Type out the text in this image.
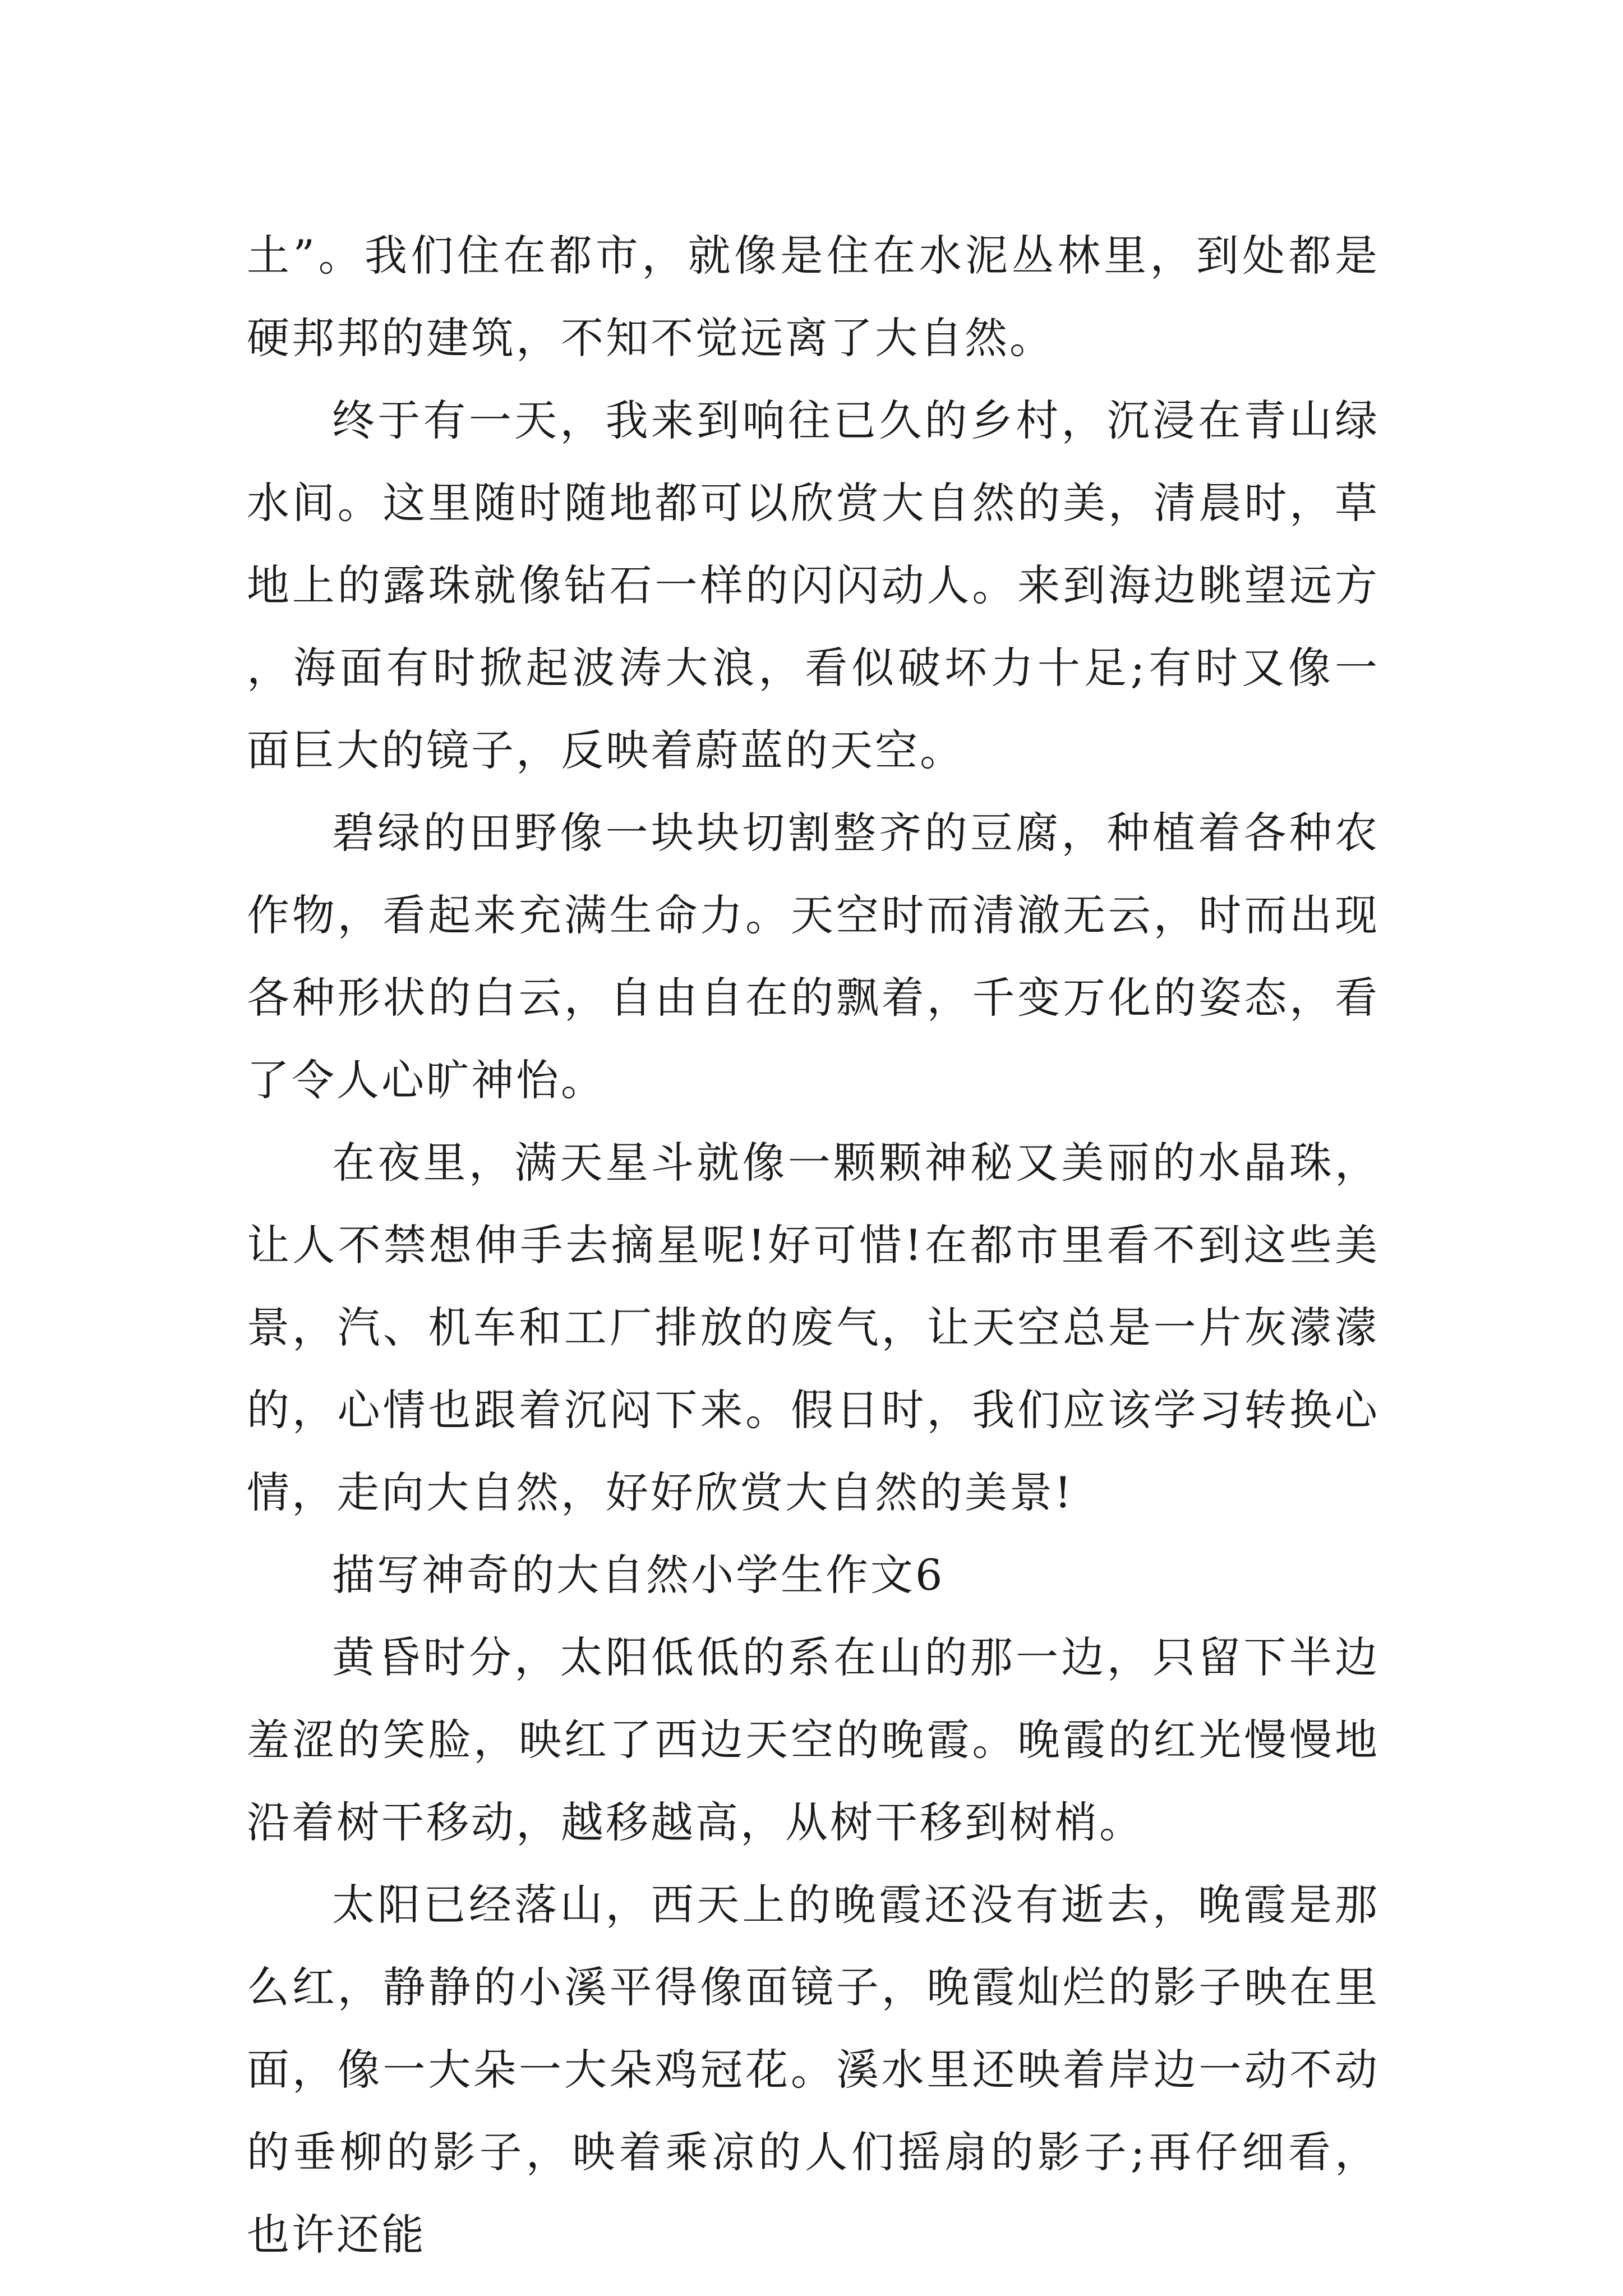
土”。我们住在都市，就像是住在水泥丛林里，到处都是硬邦邦的建筑，不知不觉远离了大自然。

终于有一天，我来到响往已久的乡村，沉浸在青山绿水间。这里随时随地都可以欣赏大自然的美，清晨时，草地上的露珠就像钻石一样的闪闪动人。来到海边眺望远方，海面有时掀起波涛大浪，看似破坏力十足;有时又像一面巨大的镜子，反映着蔚蓝的天空。

碧绿的田野像一块块切割整齐的豆腐，种植着各种农作物，看起来充满生命力。天空时而清澈无云，时而出现各种形状的白云，自由自在的飘着，千变万化的姿态，看了令人心旷神怡。

在夜里，满天星斗就像一颗颗神秘又美丽的水晶珠，让人不禁想伸手去摘星呢!好可惜!在都市里看不到这些美景，汽、机车和工厂排放的废气，让天空总是一片灰濛濛的，心情也跟着沉闷下来。假日时，我们应该学习转换心情，走向大自然，好好欣赏大自然的美景!

描写神奇的大自然小学生作文6

黄昏时分，太阳低低的系在山的那一边，只留下半边羞涩的笑脸，映红了西边天空的晚霞。晚霞的红光慢慢地沿着树干移动，越移越高，从树干移到树梢。

太阳已经落山，西天上的晚霞还没有逝去，晚霞是那么红，静静的小溪平得像面镜子，晚霞灿烂的影子映在里面，像一大朵一大朵鸡冠花。溪水里还映着岸边一动不动的垂柳的影子，映着乘凉的人们摇扇的影子;再仔细看，也许还能
